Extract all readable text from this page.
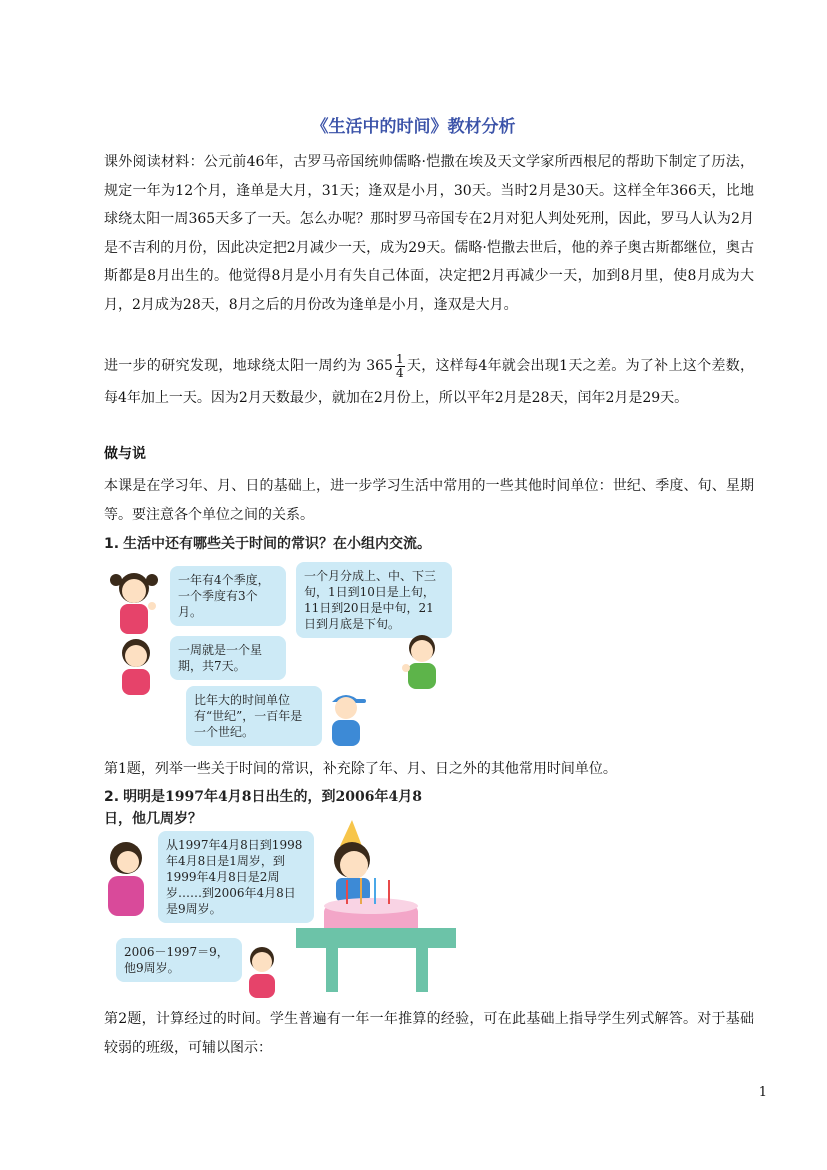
《生活中的时间》教材分析
课外阅读材料：公元前46年，古罗马帝国统帅儒略·恺撒在埃及天文学家所西根尼的帮助下制定了历法，规定一年为12个月，逢单是大月，31天；逢双是小月，30天。当时2月是30天。这样全年366天，比地球绕太阳一周365天多了一天。怎么办呢？那时罗马帝国专在2月对犯人判处死刑，因此，罗马人认为2月是不吉利的月份，因此决定把2月减少一天，成为29天。儒略·恺撒去世后，他的养子奥古斯都继位，奥古斯都是8月出生的。他觉得8月是小月有失自己体面，决定把2月再减少一天，加到8月里，使8月成为大月，2月成为28天，8月之后的月份改为逢单是小月，逢双是大月。
进一步的研究发现，地球绕太阳一周约为 $365 \frac{1}{4}$ 天，这样每4年就会出现1天之差。为了补上这个差数，每4年加上一天。因为2月天数最少，就加在2月份上，所以平年2月是28天，闰年2月是29天。
做与说
本课是在学习年、月、日的基础上，进一步学习生活中常用的一些其他时间单位：世纪、季度、旬、星期等。要注意各个单位之间的关系。
1. 生活中还有哪些关于时间的常识？在小组内交流。
一年有4个季度，一个季度有3个月。
一个月分成上、中、下三旬，1日到10日是上旬，11日到20日是中旬，21日到月底是下旬。
一周就是一个星期，共7天。
比年大的时间单位有“世纪”，一百年是一个世纪。
第1题，列举一些关于时间的常识，补充除了年、月、日之外的其他常用时间单位。
2. 明明是1997年4月8日出生的，到2006年4月8日，他几周岁？
从1997年4月8日到1998年4月8日是1周岁，到1999年4月8日是2周岁……到2006年4月8日是9周岁。
2006－1997＝9，他9周岁。
第2题，计算经过的时间。学生普遍有一年一年推算的经验，可在此基础上指导学生列式解答。对于基础较弱的班级，可辅以图示：
1
